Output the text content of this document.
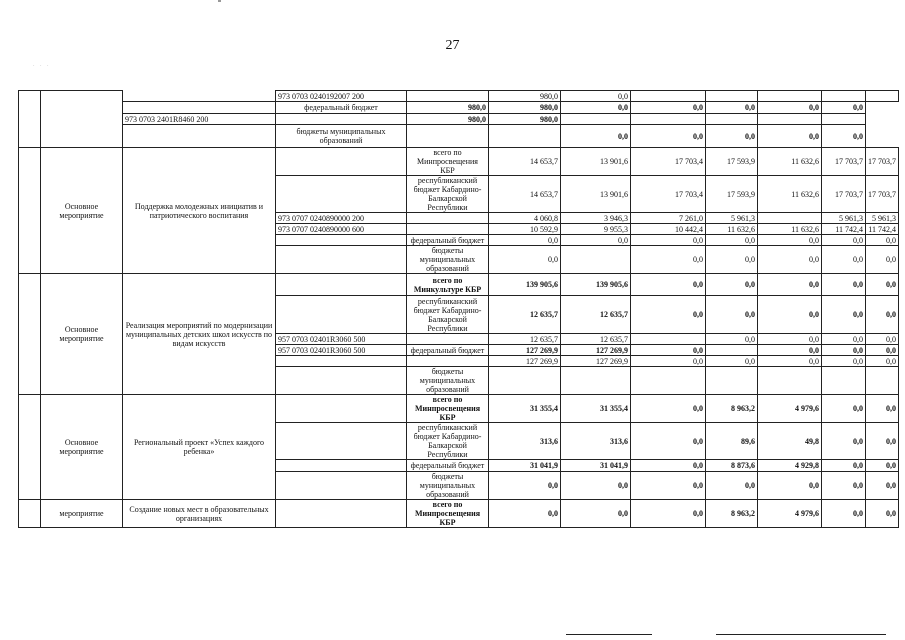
. . .
27
			973 0703 0240192007 200		980,0	0,0					
			федеральный бюджет	980,0	980,0	0,0	0,0	0,0	0,0	0,0	
		973 0703 2401R8460 200		980,0	980,0						
			бюджеты муниципальных образований			0,0	0,0	0,0	0,0	0,0	
	Основное мероприятие	Поддержка молодежных инициатив и патриотического воспитания		всего по Минпросвещения КБР	14 653,7	13 901,6	17 703,4	17 593,9	11 632,6	17 703,7	17 703,7
				республиканский бюджет Кабардино-Балкарской Республики	14 653,7	13 901,6	17 703,4	17 593,9	11 632,6	17 703,7	17 703,7
			973 0707 0240890000 200		4 060,8	3 946,3	7 261,0	5 961,3		5 961,3	5 961,3
			973 0707 0240890000 600		10 592,9	9 955,3	10 442,4	11 632,6	11 632,6	11 742,4	11 742,4
				федеральный бюджет	0,0	0,0	0,0	0,0	0,0	0,0	0,0
				бюджеты муниципальных образований	0,0		0,0	0,0	0,0	0,0	0,0
	Основное мероприятие	Реализация мероприятий по модернизации муниципальных детских школ искусств по видам искусств		всего по Минкультуре КБР	139 905,6	139 905,6	0,0	0,0	0,0	0,0	0,0
				республиканский бюджет Кабардино-Балкарской Республики	12 635,7	12 635,7	0,0	0,0	0,0	0,0	0,0
			957 0703 02401R3060 500		12 635,7	12 635,7		0,0	0,0	0,0	0,0
			957 0703 02401R3060 500	федеральный бюджет	127 269,9	127 269,9	0,0		0,0	0,0	0,0
					127 269,9	127 269,9	0,0	0,0	0,0	0,0	0,0
				бюджеты муниципальных образований							
	Основное мероприятие	Региональный проект «Успех каждого ребенка»		всего по Минпросвещения КБР	31 355,4	31 355,4	0,0	8 963,2	4 979,6	0,0	0,0
				республиканский бюджет Кабардино-Балкарской Республики	313,6	313,6	0,0	89,6	49,8	0,0	0,0
				федеральный бюджет	31 041,9	31 041,9	0,0	8 873,6	4 929,8	0,0	0,0
				бюджеты муниципальных образований	0,0	0,0	0,0	0,0	0,0	0,0	0,0
	мероприятие	Создание новых мест в образовательных организациях		всего по Минпросвещения КБР	0,0	0,0	0,0	8 963,2	4 979,6	0,0	0,0
